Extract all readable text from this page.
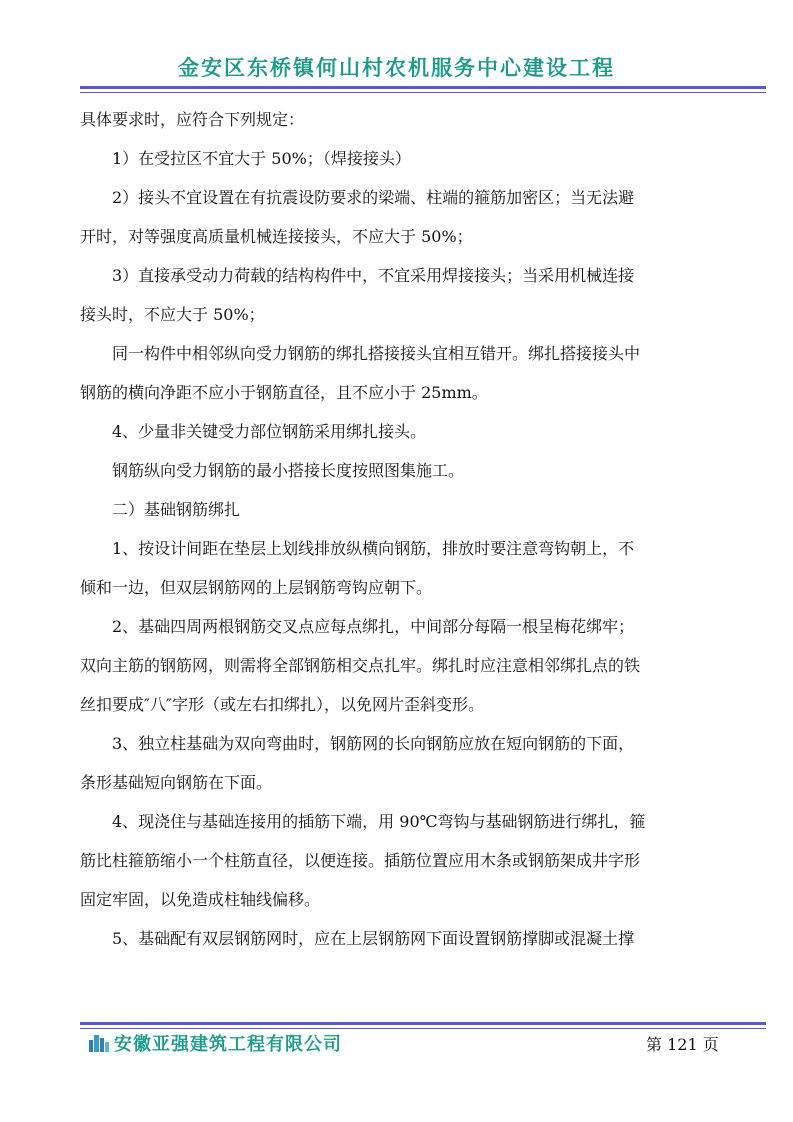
金安区东桥镇何山村农机服务中心建设工程
具体要求时，应符合下列规定：
1）在受拉区不宜大于 50%；（焊接接头）
2）接头不宜设置在有抗震设防要求的梁端、柱端的箍筋加密区；当无法避
开时，对等强度高质量机械连接接头，不应大于 50%；
3）直接承受动力荷载的结构构件中，不宜采用焊接接头；当采用机械连接
接头时，不应大于 50%；
同一构件中相邻纵向受力钢筋的绑扎搭接接头宜相互错开。绑扎搭接接头中
钢筋的横向净距不应小于钢筋直径，且不应小于 25mm。
4、少量非关键受力部位钢筋采用绑扎接头。
钢筋纵向受力钢筋的最小搭接长度按照图集施工。
二）基础钢筋绑扎
1、按设计间距在垫层上划线排放纵横向钢筋，排放时要注意弯钩朝上，不
倾和一边，但双层钢筋网的上层钢筋弯钩应朝下。
2、基础四周两根钢筋交叉点应每点绑扎，中间部分每隔一根呈梅花绑牢；
双向主筋的钢筋网，则需将全部钢筋相交点扎牢。绑扎时应注意相邻绑扎点的铁
丝扣要成″八″字形（或左右扣绑扎），以免网片歪斜变形。
3、独立柱基础为双向弯曲时，钢筋网的长向钢筋应放在短向钢筋的下面，
条形基础短向钢筋在下面。
4、现浇住与基础连接用的插筋下端，用 90℃弯钩与基础钢筋进行绑扎，箍
筋比柱箍筋缩小一个柱筋直径，以便连接。插筋位置应用木条或钢筋架成井字形
固定牢固，以免造成柱轴线偏移。
5、基础配有双层钢筋网时，应在上层钢筋网下面设置钢筋撑脚或混凝土撑
安徽亚强建筑工程有限公司	第 121 页
